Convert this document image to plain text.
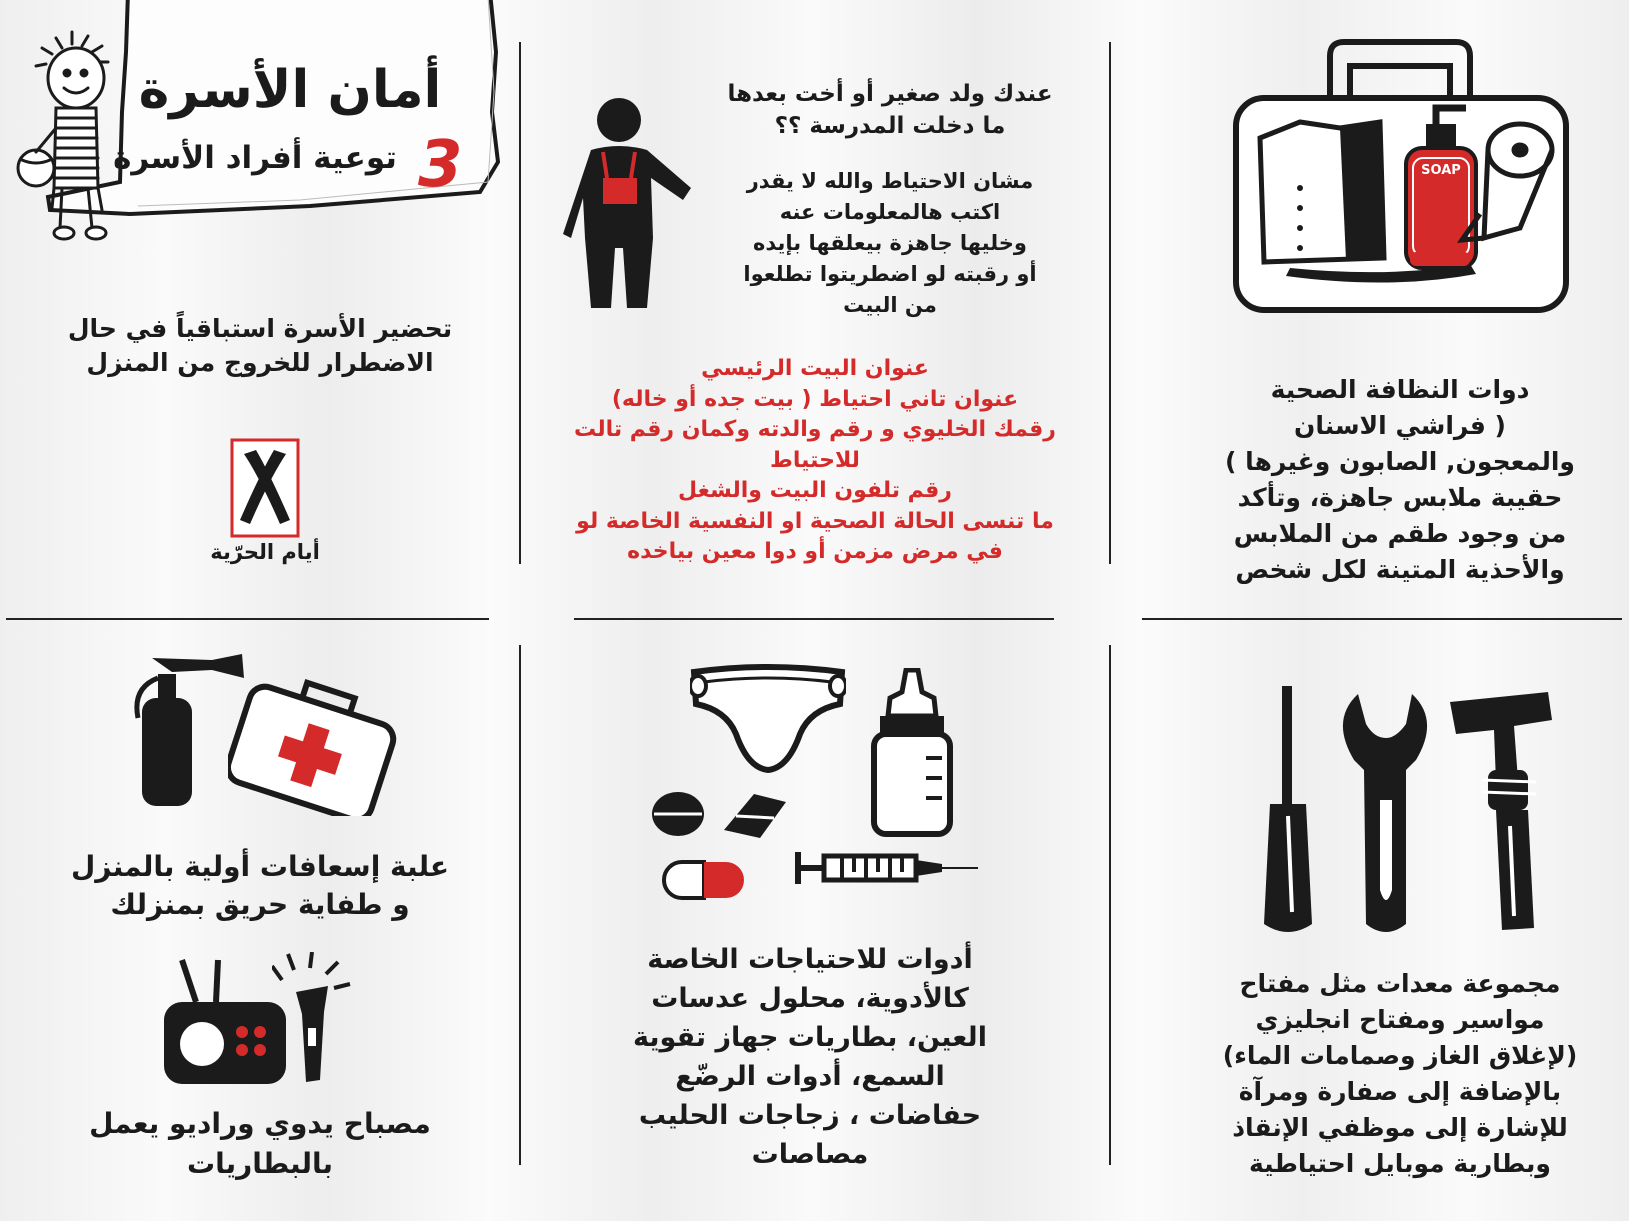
أمان الأسرة
توعية أفراد الأسرة 3
تحضير الأسرة استباقياً في حال
الاضطرار للخروج من المنزل
أيام الحرّية
عندك ولد صغير أو أخت بعدها
ما دخلت المدرسة ؟؟
مشان الاحتياط والله لا يقدر
اكتب هالمعلومات عنه
وخليها جاهزة بيعلقها بإيده
أو رقبته لو اضطريتوا تطلعوا
من البيت
عنوان البيت الرئيسي
عنوان تاني احتياط ( بيت جده أو خاله)
رقمك الخليوي و رقم والدته وكمان رقم تالت
للاحتياط
رقم تلفون البيت والشغل
ما تنسى الحالة الصحية او النفسية الخاصة لو
في مرض مزمن أو دوا معين بياخده
SOAP
دوات النظافة الصحية
( فراشي الاسنان
والمعجون, الصابون وغيرها )
حقيبة ملابس جاهزة، وتأكد
من وجود طقم من الملابس
والأحذية المتينة لكل شخص
علبة إسعافات أولية بالمنزل
و طفاية حريق بمنزلك
مصباح يدوي وراديو يعمل
بالبطاريات
أدوات للاحتياجات الخاصة
كالأدوية، محلول عدسات
العين، بطاريات جهاز تقوية
السمع، أدوات الرضّع
حفاضات ، زجاجات الحليب
مصاصات
مجموعة معدات مثل مفتاح
مواسير ومفتاح انجليزي
(لإغلاق الغاز وصمامات الماء)
بالإضافة إلى صفارة ومرآة
للإشارة إلى موظفي الإنقاذ
وبطارية موبايل احتياطية
